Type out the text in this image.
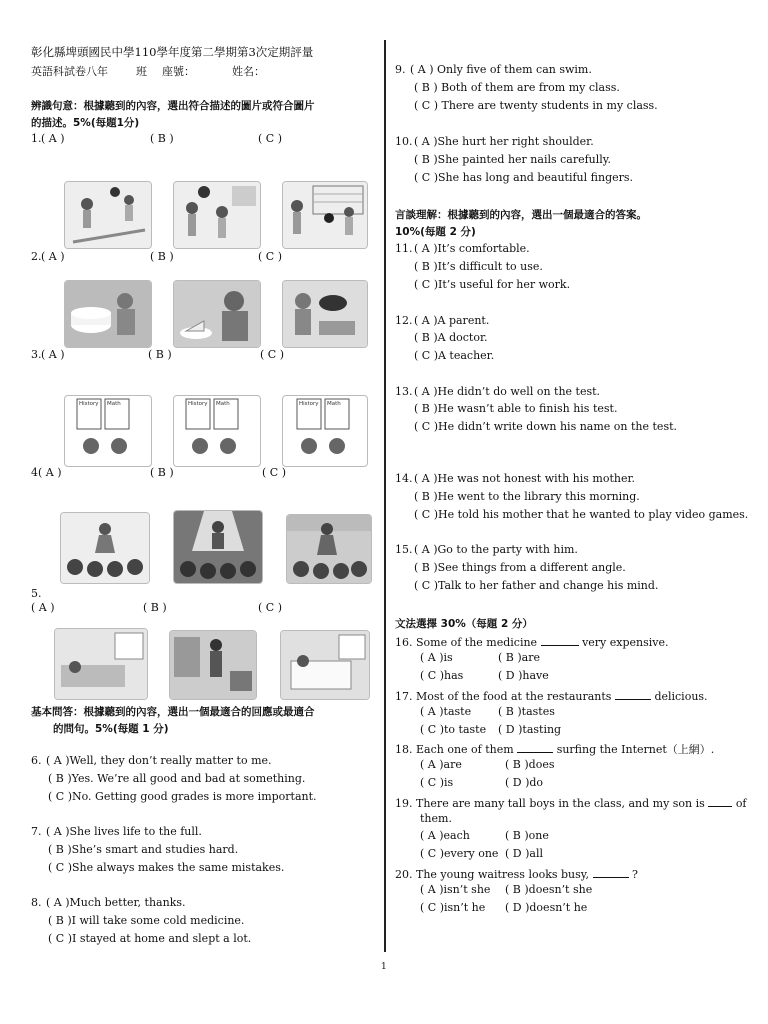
彰化縣埤頭國民中學110學年度第二學期第3次定期評量
英語科試卷八年	班 座號：	姓名：
辨識句意：根據聽到的內容，選出符合描述的圖片或符合圖片
的描述。5%(每題1分)
1. ( A )	( B )	( C )
2. ( A )	( B )	( C )
3. ( A )	( B )	( C )
History Math	History Math	History Math
4 ( A )	( B )	( C )
5.
( A )	( B )	( C )
基本問答：根據聽到的內容，選出一個最適合的回應或最適合
的問句。5%(每題 1 分)
6. ( A )Well, they don’t really matter to me.
( B )Yes. We’re all good and bad at something.
( C )No. Getting good grades is more important.
7. ( A )She lives life to the full.
( B )She’s smart and studies hard.
( C )She always makes the same mistakes.
8. ( A )Much better, thanks.
( B )I will take some cold medicine.
( C )I stayed at home and slept a lot.
9. ( A ) Only five of them can swim.
( B ) Both of them are from my class.
( C ) There are twenty students in my class.
10. ( A )She hurt her right shoulder.
( B )She painted her nails carefully.
( C )She has long and beautiful fingers.
言談理解：根據聽到的內容，選出一個最適合的答案。
10%(每題 2 分)
11. ( A )It’s comfortable.
( B )It’s difficult to use.
( C )It’s useful for her work.
12. ( A )A parent.
( B )A doctor.
( C )A teacher.
13. ( A )He didn’t do well on the test.
( B )He wasn’t able to finish his test.
( C )He didn’t write down his name on the test.
14. ( A )He was not honest with his mother.
( B )He went to the library this morning.
( C )He told his mother that he wanted to play video games.
15. ( A )Go to the party with him.
( B )See things from a different angle.
( C )Talk to her father and change his mind.
文法選擇 30%（每題 2 分）
16. Some of the medicine	very expensive.
( A )is	( B )are
( C )has	( D )have
17. Most of the food at the restaurants	delicious.
( A )taste ( B )tastes
( C )to taste ( D )tasting
18. Each one of them	surfing the Internet（上網）.
( A )are	( B )does
( C )is	( D )do
19. There are many tall boys in the class, and my son is	of
them.
( A )each	( B )one
( C )every one ( D )all
20. The young waitress looks busy,	?
( A )isn’t she ( B )doesn’t she
( C )isn’t he ( D )doesn’t he
1
